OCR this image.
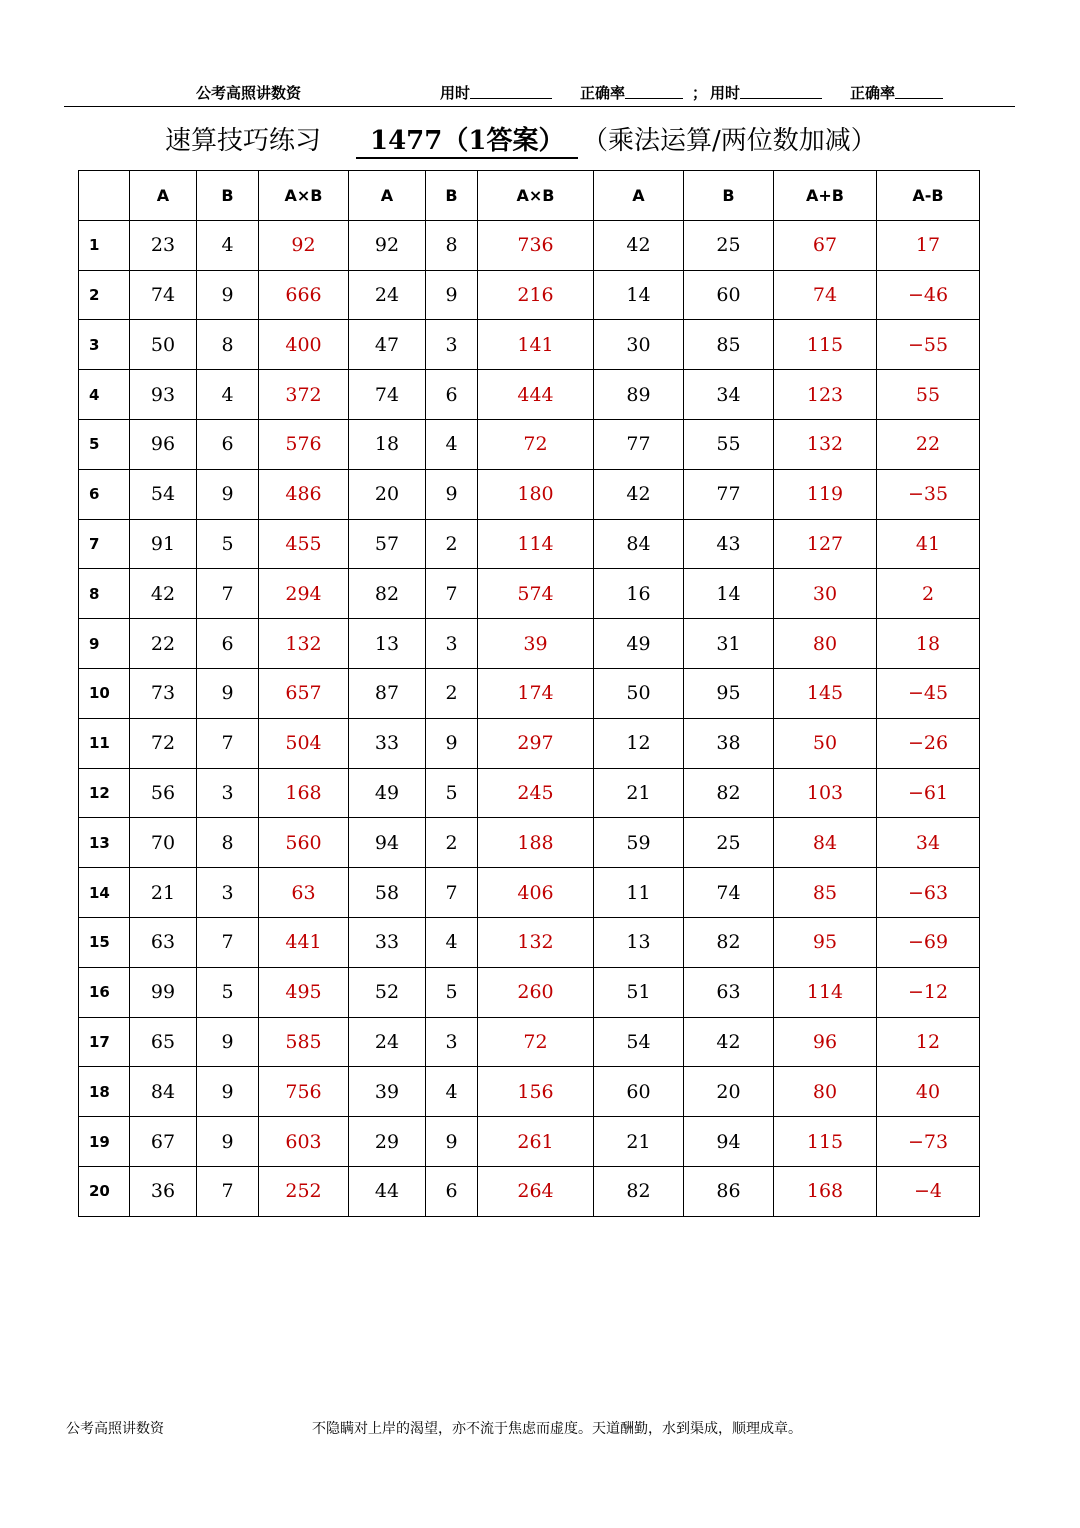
公考高照讲数资	用时	正确率	； 用时	正确率
速算技巧练习	1477（1答案） （乘法运算/两位数加减）
	A	B	A×B	A	B	A×B	A	B	A+B	A-B
1	23	4	92	92	8	736	42	25	67	17
2	74	9	666	24	9	216	14	60	74	−46
3	50	8	400	47	3	141	30	85	115	−55
4	93	4	372	74	6	444	89	34	123	55
5	96	6	576	18	4	72	77	55	132	22
6	54	9	486	20	9	180	42	77	119	−35
7	91	5	455	57	2	114	84	43	127	41
8	42	7	294	82	7	574	16	14	30	2
9	22	6	132	13	3	39	49	31	80	18
10	73	9	657	87	2	174	50	95	145	−45
11	72	7	504	33	9	297	12	38	50	−26
12	56	3	168	49	5	245	21	82	103	−61
13	70	8	560	94	2	188	59	25	84	34
14	21	3	63	58	7	406	11	74	85	−63
15	63	7	441	33	4	132	13	82	95	−69
16	99	5	495	52	5	260	51	63	114	−12
17	65	9	585	24	3	72	54	42	96	12
18	84	9	756	39	4	156	60	20	80	40
19	67	9	603	29	9	261	21	94	115	−73
20	36	7	252	44	6	264	82	86	168	−4
公考高照讲数资	不隐瞒对上岸的渴望，亦不流于焦虑而虚度。天道酬勤，水到渠成，顺理成章。
